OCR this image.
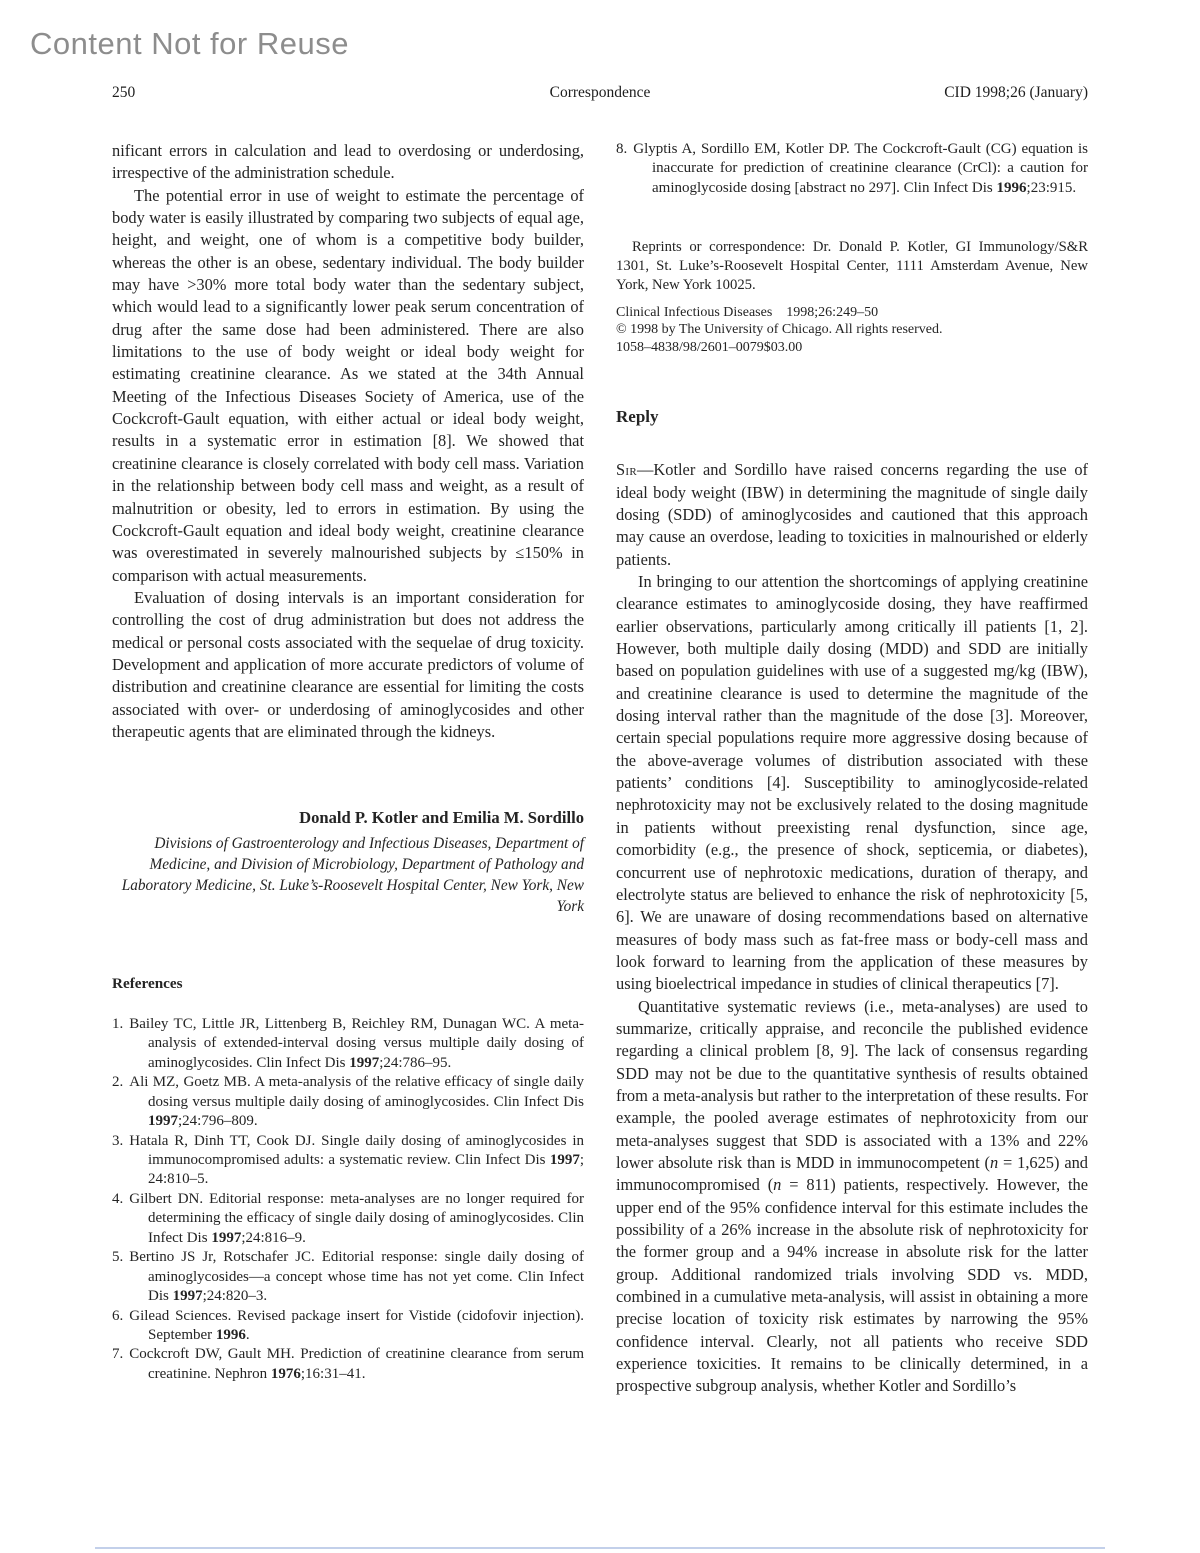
Content Not for Reuse
Correspondence
250	CID 1998;26 (January)

nificant errors in calculation and lead to overdosing or underdosing, irrespective of the administration schedule.

The potential error in use of weight to estimate the percentage of body water is easily illustrated by comparing two subjects of equal age, height, and weight, one of whom is a competitive body builder, whereas the other is an obese, sedentary individual. The body builder may have >30% more total body water than the sedentary subject, which would lead to a significantly lower peak serum concentration of drug after the same dose had been administered. There are also limitations to the use of body weight or ideal body weight for estimating creatinine clearance. As we stated at the 34th Annual Meeting of the Infectious Diseases Society of America, use of the Cockcroft-Gault equation, with either actual or ideal body weight, results in a systematic error in estimation [8]. We showed that creatinine clearance is closely correlated with body cell mass. Variation in the relationship between body cell mass and weight, as a result of malnutrition or obesity, led to errors in estimation. By using the Cockcroft-Gault equation and ideal body weight, creatinine clearance was overestimated in severely malnourished subjects by ≤150% in comparison with actual measurements.

Evaluation of dosing intervals is an important consideration for controlling the cost of drug administration but does not address the medical or personal costs associated with the sequelae of drug toxicity. Development and application of more accurate predictors of volume of distribution and creatinine clearance are essential for limiting the costs associated with over- or underdosing of aminoglycosides and other therapeutic agents that are eliminated through the kidneys.

Donald P. Kotler and Emilia M. Sordillo

Divisions of Gastroenterology and Infectious Diseases, Department of Medicine, and Division of Microbiology, Department of Pathology and Laboratory Medicine, St. Luke’s-Roosevelt Hospital Center, New York, New York

References

1. Bailey TC, Little JR, Littenberg B, Reichley RM, Dunagan WC. A meta-analysis of extended-interval dosing versus multiple daily dosing of aminoglycosides. Clin Infect Dis 1997;24:786–95.
2. Ali MZ, Goetz MB. A meta-analysis of the relative efficacy of single daily dosing versus multiple daily dosing of aminoglycosides. Clin Infect Dis 1997;24:796–809.
3. Hatala R, Dinh TT, Cook DJ. Single daily dosing of aminoglycosides in immunocompromised adults: a systematic review. Clin Infect Dis 1997; 24:810–5.
4. Gilbert DN. Editorial response: meta-analyses are no longer required for determining the efficacy of single daily dosing of aminoglycosides. Clin Infect Dis 1997;24:816–9.
5. Bertino JS Jr, Rotschafer JC. Editorial response: single daily dosing of aminoglycosides—a concept whose time has not yet come. Clin Infect Dis 1997;24:820–3.
6. Gilead Sciences. Revised package insert for Vistide (cidofovir injection). September 1996.
7. Cockcroft DW, Gault MH. Prediction of creatinine clearance from serum creatinine. Nephron 1976;16:31–41.
8. Glyptis A, Sordillo EM, Kotler DP. The Cockcroft-Gault (CG) equation is inaccurate for prediction of creatinine clearance (CrCl): a caution for aminoglycoside dosing [abstract no 297]. Clin Infect Dis 1996;23:915.

Reprints or correspondence: Dr. Donald P. Kotler, GI Immunology/S&R 1301, St. Luke’s-Roosevelt Hospital Center, 1111 Amsterdam Avenue, New York, New York 10025.

Clinical Infectious Diseases  1998;26:249–50
© 1998 by The University of Chicago. All rights reserved.
1058–4838/98/2601–0079$03.00

Reply

Sir—Kotler and Sordillo have raised concerns regarding the use of ideal body weight (IBW) in determining the magnitude of single daily dosing (SDD) of aminoglycosides and cautioned that this approach may cause an overdose, leading to toxicities in malnourished or elderly patients.

In bringing to our attention the shortcomings of applying creatinine clearance estimates to aminoglycoside dosing, they have reaffirmed earlier observations, particularly among critically ill patients [1, 2]. However, both multiple daily dosing (MDD) and SDD are initially based on population guidelines with use of a suggested mg/kg (IBW), and creatinine clearance is used to determine the magnitude of the dosing interval rather than the magnitude of the dose [3]. Moreover, certain special populations require more aggressive dosing because of the above-average volumes of distribution associated with these patients’ conditions [4]. Susceptibility to aminoglycoside-related nephrotoxicity may not be exclusively related to the dosing magnitude in patients without preexisting renal dysfunction, since age, comorbidity (e.g., the presence of shock, septicemia, or diabetes), concurrent use of nephrotoxic medications, duration of therapy, and electrolyte status are believed to enhance the risk of nephrotoxicity [5, 6]. We are unaware of dosing recommendations based on alternative measures of body mass such as fat-free mass or body-cell mass and look forward to learning from the application of these measures by using bioelectrical impedance in studies of clinical therapeutics [7].

Quantitative systematic reviews (i.e., meta-analyses) are used to summarize, critically appraise, and reconcile the published evidence regarding a clinical problem [8, 9]. The lack of consensus regarding SDD may not be due to the quantitative synthesis of results obtained from a meta-analysis but rather to the interpretation of these results. For example, the pooled average estimates of nephrotoxicity from our meta-analyses suggest that SDD is associated with a 13% and 22% lower absolute risk than is MDD in immunocompetent (n = 1,625) and immunocompromised (n = 811) patients, respectively. However, the upper end of the 95% confidence interval for this estimate includes the possibility of a 26% increase in the absolute risk of nephrotoxicity for the former group and a 94% increase in absolute risk for the latter group. Additional randomized trials involving SDD vs. MDD, combined in a cumulative meta-analysis, will assist in obtaining a more precise location of toxicity risk estimates by narrowing the 95% confidence interval. Clearly, not all patients who receive SDD experience toxicities. It remains to be clinically determined, in a prospective subgroup analysis, whether Kotler and Sordillo’s
